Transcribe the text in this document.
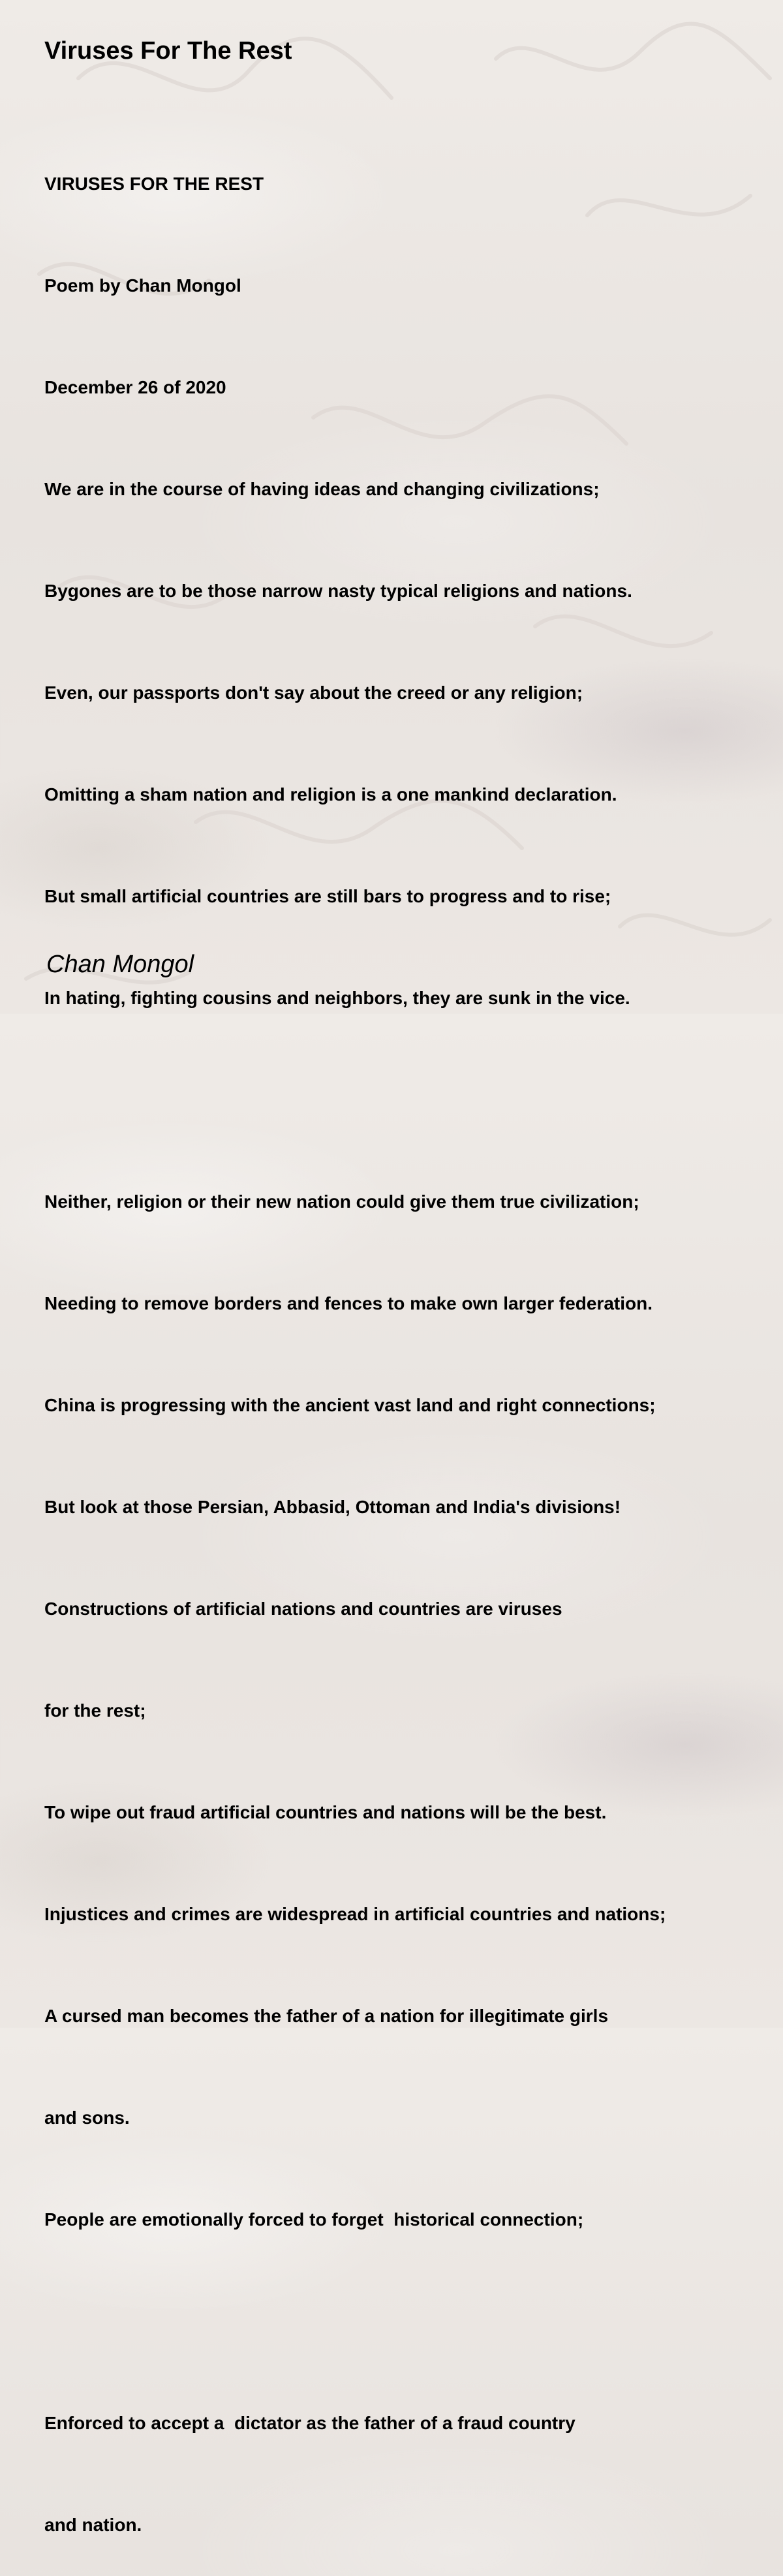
Viruses For The Rest

VIRUSES FOR THE REST

Poem by Chan Mongol

December 26 of 2020

We are in the course of having ideas and changing civilizations;

Bygones are to be those narrow nasty typical religions and nations.

Even, our passports don't say about the creed or any religion;

Omitting a sham nation and religion is a one mankind declaration.

But small artificial countries are still bars to progress and to rise;

In hating, fighting cousins and neighbors, they are sunk in the vice.

Neither, religion or their new nation could give them true civilization;

Needing to remove borders and fences to make own larger federation.

China is progressing with the ancient vast land and right connections;

But look at those Persian, Abbasid, Ottoman and India's divisions!

Constructions of artificial nations and countries are viruses

for the rest;

To wipe out fraud artificial countries and nations will be the best.

Injustices and crimes are widespread in artificial countries and nations;

A cursed man becomes the father of a nation for illegitimate girls

and sons.

People are emotionally forced to forget  historical connection;

Enforced to accept a  dictator as the father of a fraud country

and nation.

Chan Mongol
